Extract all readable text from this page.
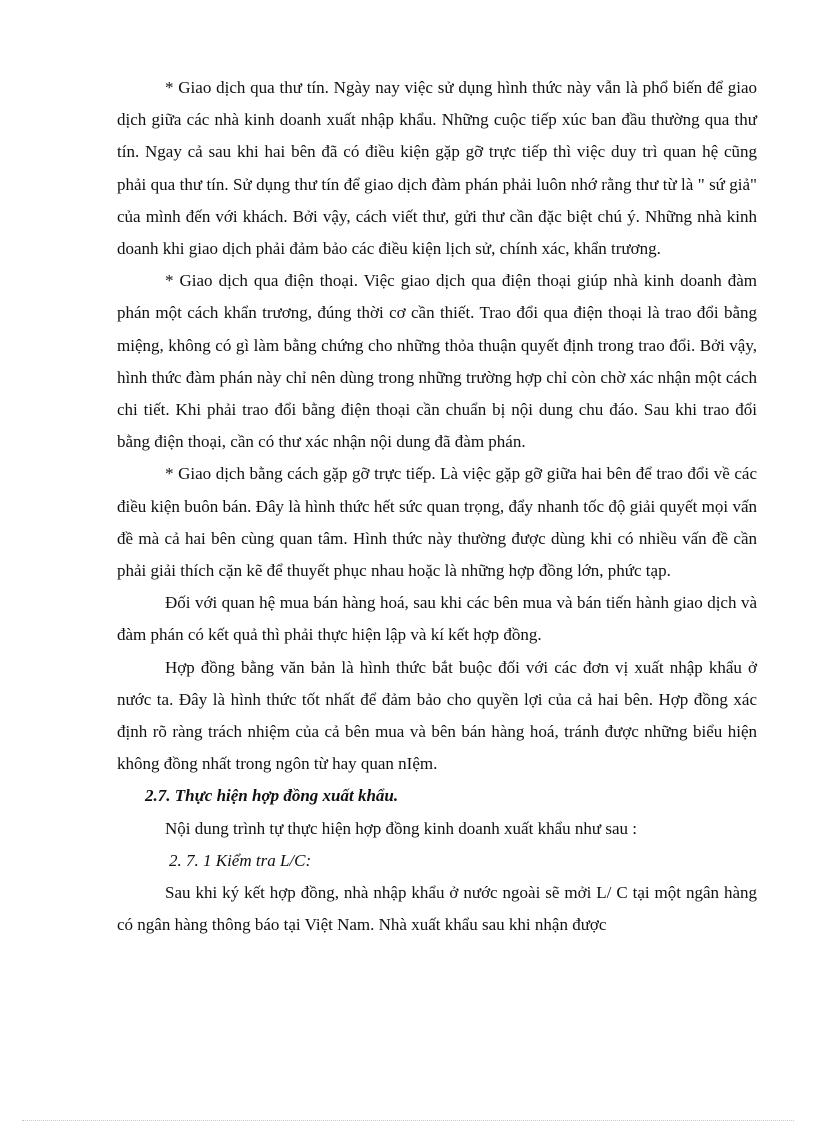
* Giao dịch qua thư tín. Ngày nay việc sử dụng hình thức này vẫn là phổ biến để giao dịch giữa các nhà kinh doanh xuất nhập khẩu. Những cuộc tiếp xúc ban đầu thường qua thư tín. Ngay cả sau khi hai bên đã có điều kiện gặp gỡ trực tiếp thì việc duy trì quan hệ cũng phải qua thư tín. Sử dụng thư tín để giao dịch đàm phán phải luôn nhớ rằng thư từ là " sứ giả" của mình đến với khách. Bởi vậy, cách viết thư, gửi thư cần đặc biệt chú ý. Những nhà kinh doanh khi giao dịch phải đảm bảo các điều kiện lịch sử, chính xác, khẩn trương.

* Giao dịch qua điện thoại. Việc giao dịch qua điện thoại giúp nhà kinh doanh đàm phán một cách khẩn trương, đúng thời cơ cần thiết. Trao đổi qua điện thoại là trao đổi bằng miệng, không có gì làm bằng chứng cho những thỏa thuận quyết định trong trao đổi. Bởi vậy, hình thức đàm phán này chỉ nên dùng trong những trường hợp chỉ còn chờ xác nhận một cách chi tiết. Khi phải trao đổi bằng điện thoại cần chuẩn bị nội dung chu đáo. Sau khi trao đổi bằng điện thoại, cần có thư xác nhận nội dung đã đàm phán.

* Giao dịch bằng cách gặp gỡ trực tiếp. Là việc gặp gỡ giữa hai bên để trao đổi về các điều kiện buôn bán. Đây là hình thức hết sức quan trọng, đẩy nhanh tốc độ giải quyết mọi vấn đề mà cả hai bên cùng quan tâm. Hình thức này thường được dùng khi có nhiều vấn đề cần phải giải thích cặn kẽ để thuyết phục nhau hoặc là những hợp đồng lớn, phức tạp.

Đối với quan hệ mua bán hàng hoá, sau khi các bên mua và bán tiến hành giao dịch và đàm phán có kết quả thì phải thực hiện lập và kí kết hợp đồng.

Hợp đồng bằng văn bản là hình thức bắt buộc đối với các đơn vị xuất nhập khẩu ở nước ta. Đây là hình thức tốt nhất để đảm bảo cho quyền lợi của cả hai bên. Hợp đồng xác định rõ ràng trách nhiệm của cả bên mua và bên bán hàng hoá, tránh được những biểu hiện không đồng nhất trong ngôn từ hay quan nIệm.

2.7. Thực hiện hợp đồng xuất khẩu.

Nội dung trình tự thực hiện hợp đồng kinh doanh xuất khẩu như sau :

2. 7. 1 Kiểm tra L/C:

Sau khi ký kết hợp đồng, nhà nhập khẩu ở nước ngoài sẽ mởi L/ C tại một ngân hàng có ngân hàng thông báo tại Việt Nam. Nhà xuất khẩu sau khi nhận được
